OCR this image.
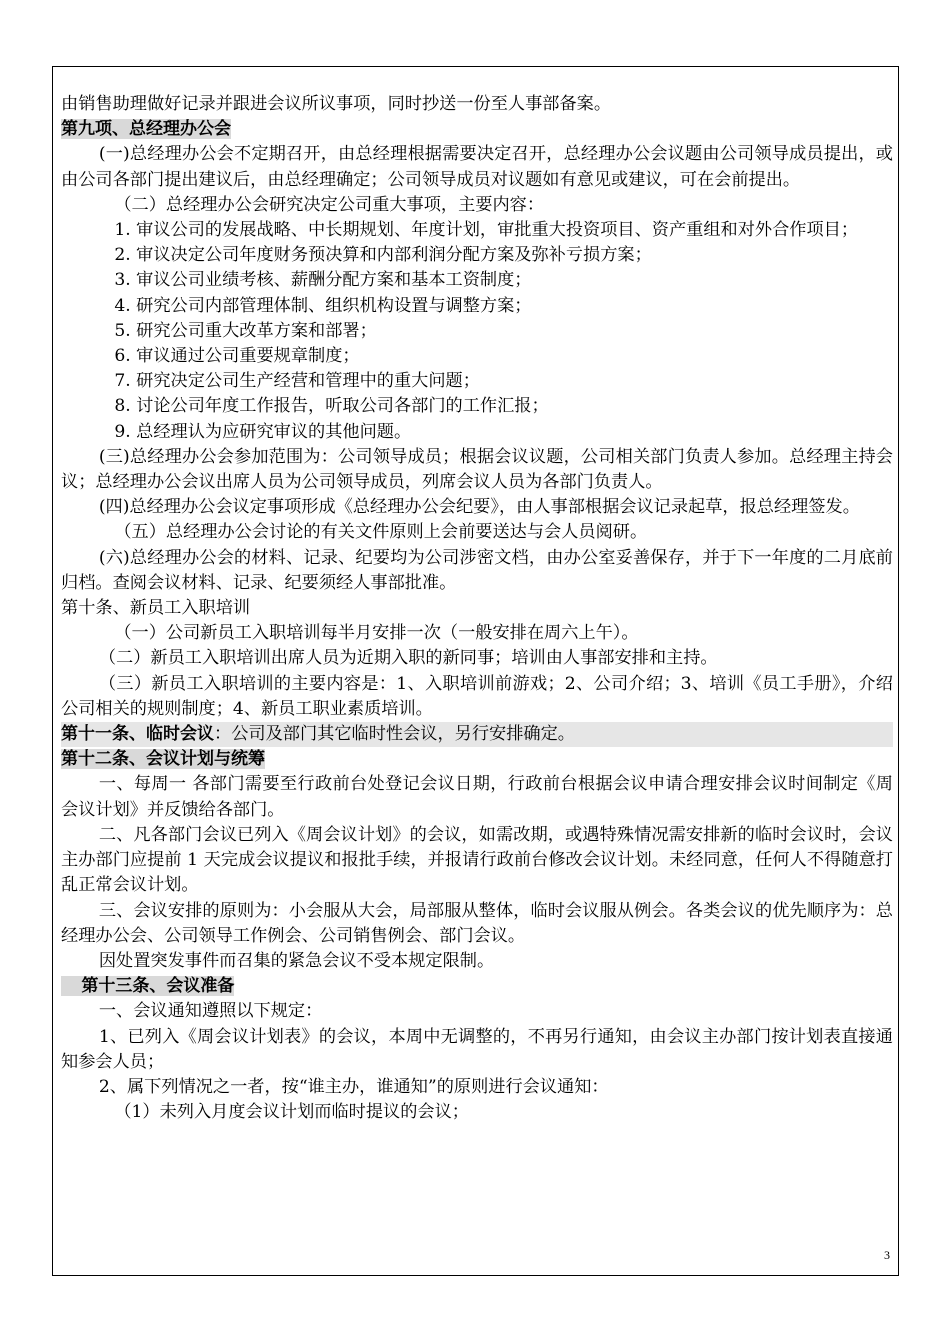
由销售助理做好记录并跟进会议所议事项，同时抄送一份至人事部备案。

第九项、总经理办公会

(一)总经理办公会不定期召开，由总经理根据需要决定召开，总经理办公会议题由公司领导成员提出，或由公司各部门提出建议后，由总经理确定；公司领导成员对议题如有意见或建议，可在会前提出。

（二）总经理办公会研究决定公司重大事项，主要内容：

1. 审议公司的发展战略、中长期规划、年度计划，审批重大投资项目、资产重组和对外合作项目；

2. 审议决定公司年度财务预决算和内部利润分配方案及弥补亏损方案；

3. 审议公司业绩考核、薪酬分配方案和基本工资制度；

4. 研究公司内部管理体制、组织机构设置与调整方案；

5. 研究公司重大改革方案和部署；

6. 审议通过公司重要规章制度；

7. 研究决定公司生产经营和管理中的重大问题；

8. 讨论公司年度工作报告，听取公司各部门的工作汇报；

9. 总经理认为应研究审议的其他问题。

(三)总经理办公会参加范围为：公司领导成员；根据会议议题，公司相关部门负责人参加。总经理主持会议；总经理办公会议出席人员为公司领导成员，列席会议人员为各部门负责人。

(四)总经理办公会议定事项形成《总经理办公会纪要》，由人事部根据会议记录起草，报总经理签发。

（五）总经理办公会讨论的有关文件原则上会前要送达与会人员阅研。

(六)总经理办公会的材料、记录、纪要均为公司涉密文档，由办公室妥善保存，并于下一年度的二月底前归档。查阅会议材料、记录、纪要须经人事部批准。

第十条、新员工入职培训

（一）公司新员工入职培训每半月安排一次（一般安排在周六上午）。

（二）新员工入职培训出席人员为近期入职的新同事；培训由人事部安排和主持。

（三）新员工入职培训的主要内容是：1、入职培训前游戏；2、公司介绍；3、培训《员工手册》，介绍公司相关的规则制度；4、新员工职业素质培训。

第十一条、临时会议：公司及部门其它临时性会议，另行安排确定。

第十二条、会议计划与统筹

一、每周一 各部门需要至行政前台处登记会议日期，行政前台根据会议申请合理安排会议时间制定《周会议计划》并反馈给各部门。

二、凡各部门会议已列入《周会议计划》的会议，如需改期，或遇特殊情况需安排新的临时会议时，会议主办部门应提前 1 天完成会议提议和报批手续，并报请行政前台修改会议计划。未经同意，任何人不得随意打乱正常会议计划。

三、会议安排的原则为：小会服从大会，局部服从整体，临时会议服从例会。各类会议的优先顺序为：总经理办公会、公司领导工作例会、公司销售例会、部门会议。

因处置突发事件而召集的紧急会议不受本规定限制。

第十三条、会议准备

一、会议通知遵照以下规定：

1、已列入《周会议计划表》的会议，本周中无调整的，不再另行通知，由会议主办部门按计划表直接通知参会人员；

2、属下列情况之一者，按“谁主办，谁通知”的原则进行会议通知：

（1）未列入月度会议计划而临时提议的会议；

3
